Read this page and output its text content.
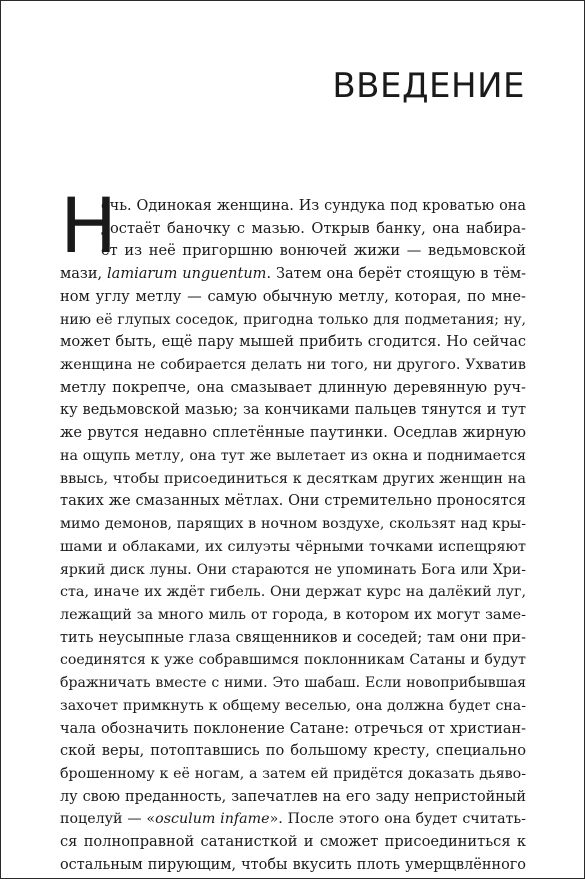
ВВЕДЕНИЕ
Н
очь. Одинокая женщина. Из сундука под кроватью она
достаёт баночку с мазью. Открыв банку, она набира-
ет из неё пригоршню вонючей жижи — ведьмовской
мази, lamiarum unguentum. Затем она берёт стоящую в тём-
ном углу метлу — самую обычную метлу, которая, по мне-
нию её глупых соседок, пригодна только для подметания; ну,
может быть, ещё пару мышей прибить сгодится. Но сейчас
женщина не собирается делать ни того, ни другого. Ухватив
метлу покрепче, она смазывает длинную деревянную руч-
ку ведьмовской мазью; за кончиками пальцев тянутся и тут
же рвутся недавно сплетённые паутинки. Оседлав жирную
на ощупь метлу, она тут же вылетает из окна и поднимается
ввысь, чтобы присоединиться к десяткам других женщин на
таких же смазанных мётлах. Они стремительно проносятся
мимо демонов, парящих в ночном воздухе, скользят над кры-
шами и облаками, их силуэты чёрными точками испещряют
яркий диск луны. Они стараются не упоминать Бога или Хри-
ста, иначе их ждёт гибель. Они держат курс на далёкий луг,
лежащий за много миль от города, в котором их могут заме-
тить неусыпные глаза священников и соседей; там они при-
соединятся к уже собравшимся поклонникам Сатаны и будут
бражничать вместе с ними. Это шабаш. Если новоприбывшая
захочет примкнуть к общему веселью, она должна будет сна-
чала обозначить поклонение Сатане: отречься от христиан-
ской веры, потоптавшись по большому кресту, специально
брошенному к её ногам, а затем ей придётся доказать дьяво-
лу свою преданность, запечатлев на его заду непристойный
поцелуй — «osculum infame». После этого она будет считать-
ся полноправной сатанисткой и сможет присоединиться к
остальным пирующим, чтобы вкусить плоть умерщвлённого
